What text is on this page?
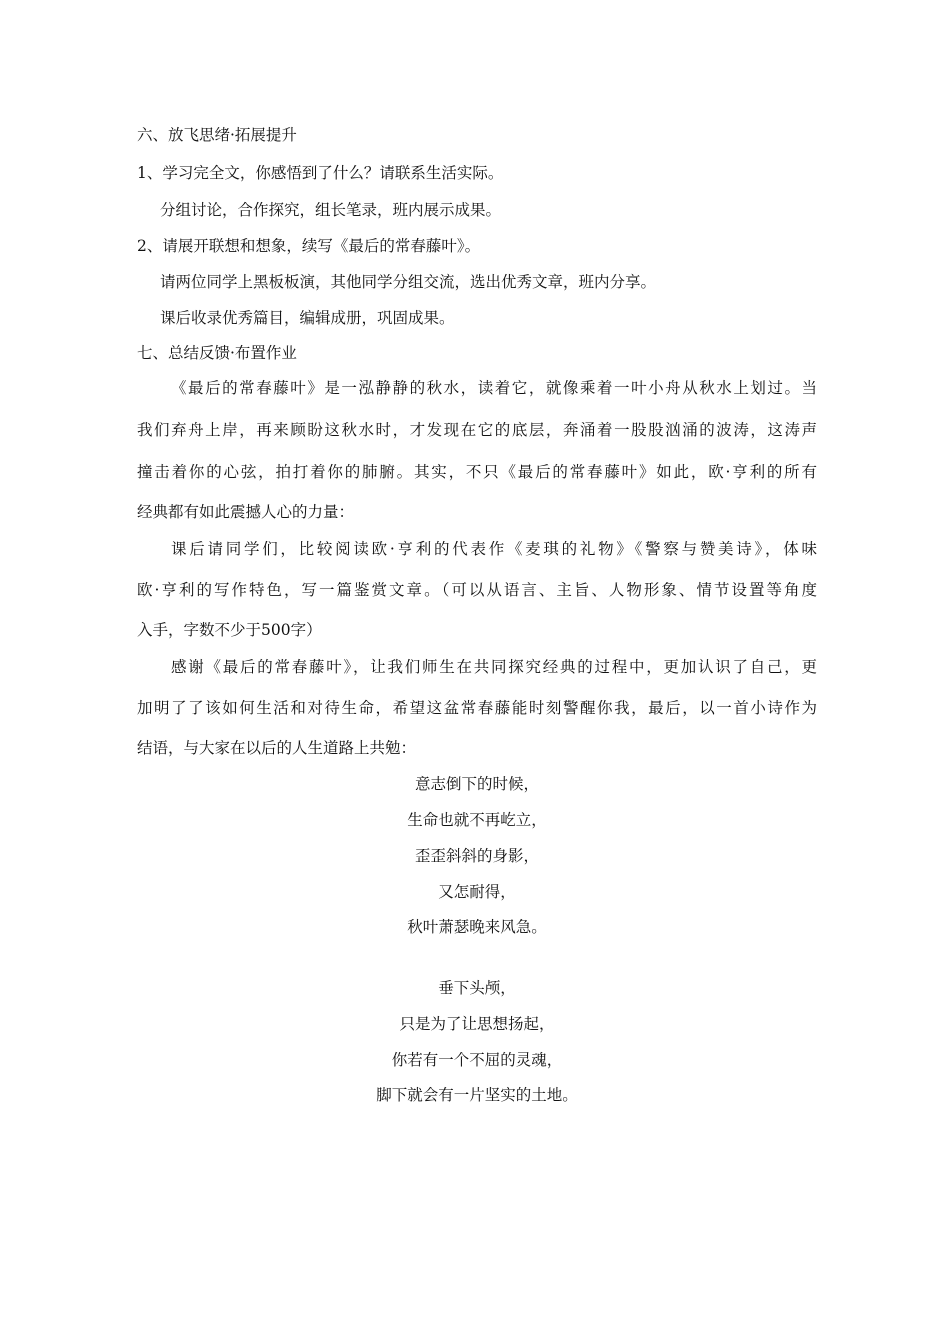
六、放飞思绪·拓展提升
1、学习完全文，你感悟到了什么？请联系生活实际。
分组讨论，合作探究，组长笔录，班内展示成果。
2、请展开联想和想象，续写《最后的常春藤叶》。
请两位同学上黑板板演，其他同学分组交流，选出优秀文章，班内分享。
课后收录优秀篇目，编辑成册，巩固成果。
七、总结反馈·布置作业
《最后的常春藤叶》是一泓静静的秋水，读着它，就像乘着一叶小舟从秋水上划过。当
我们弃舟上岸，再来顾盼这秋水时，才发现在它的底层，奔涌着一股股汹涌的波涛，这涛声
撞击着你的心弦，拍打着你的肺腑。其实，不只《最后的常春藤叶》如此，欧·亨利的所有
经典都有如此震撼人心的力量：
课后请同学们，比较阅读欧·亨利的代表作《麦琪的礼物》《警察与赞美诗》，体味
欧·亨利的写作特色，写一篇鉴赏文章。（可以从语言、主旨、人物形象、情节设置等角度
入手，字数不少于500字）
感谢《最后的常春藤叶》，让我们师生在共同探究经典的过程中，更加认识了自己，更
加明了了该如何生活和对待生命，希望这盆常春藤能时刻警醒你我，最后，以一首小诗作为
结语，与大家在以后的人生道路上共勉：
意志倒下的时候，
生命也就不再屹立，
歪歪斜斜的身影，
又怎耐得，
秋叶萧瑟晚来风急。
垂下头颅，
只是为了让思想扬起，
你若有一个不屈的灵魂，
脚下就会有一片坚实的土地。
